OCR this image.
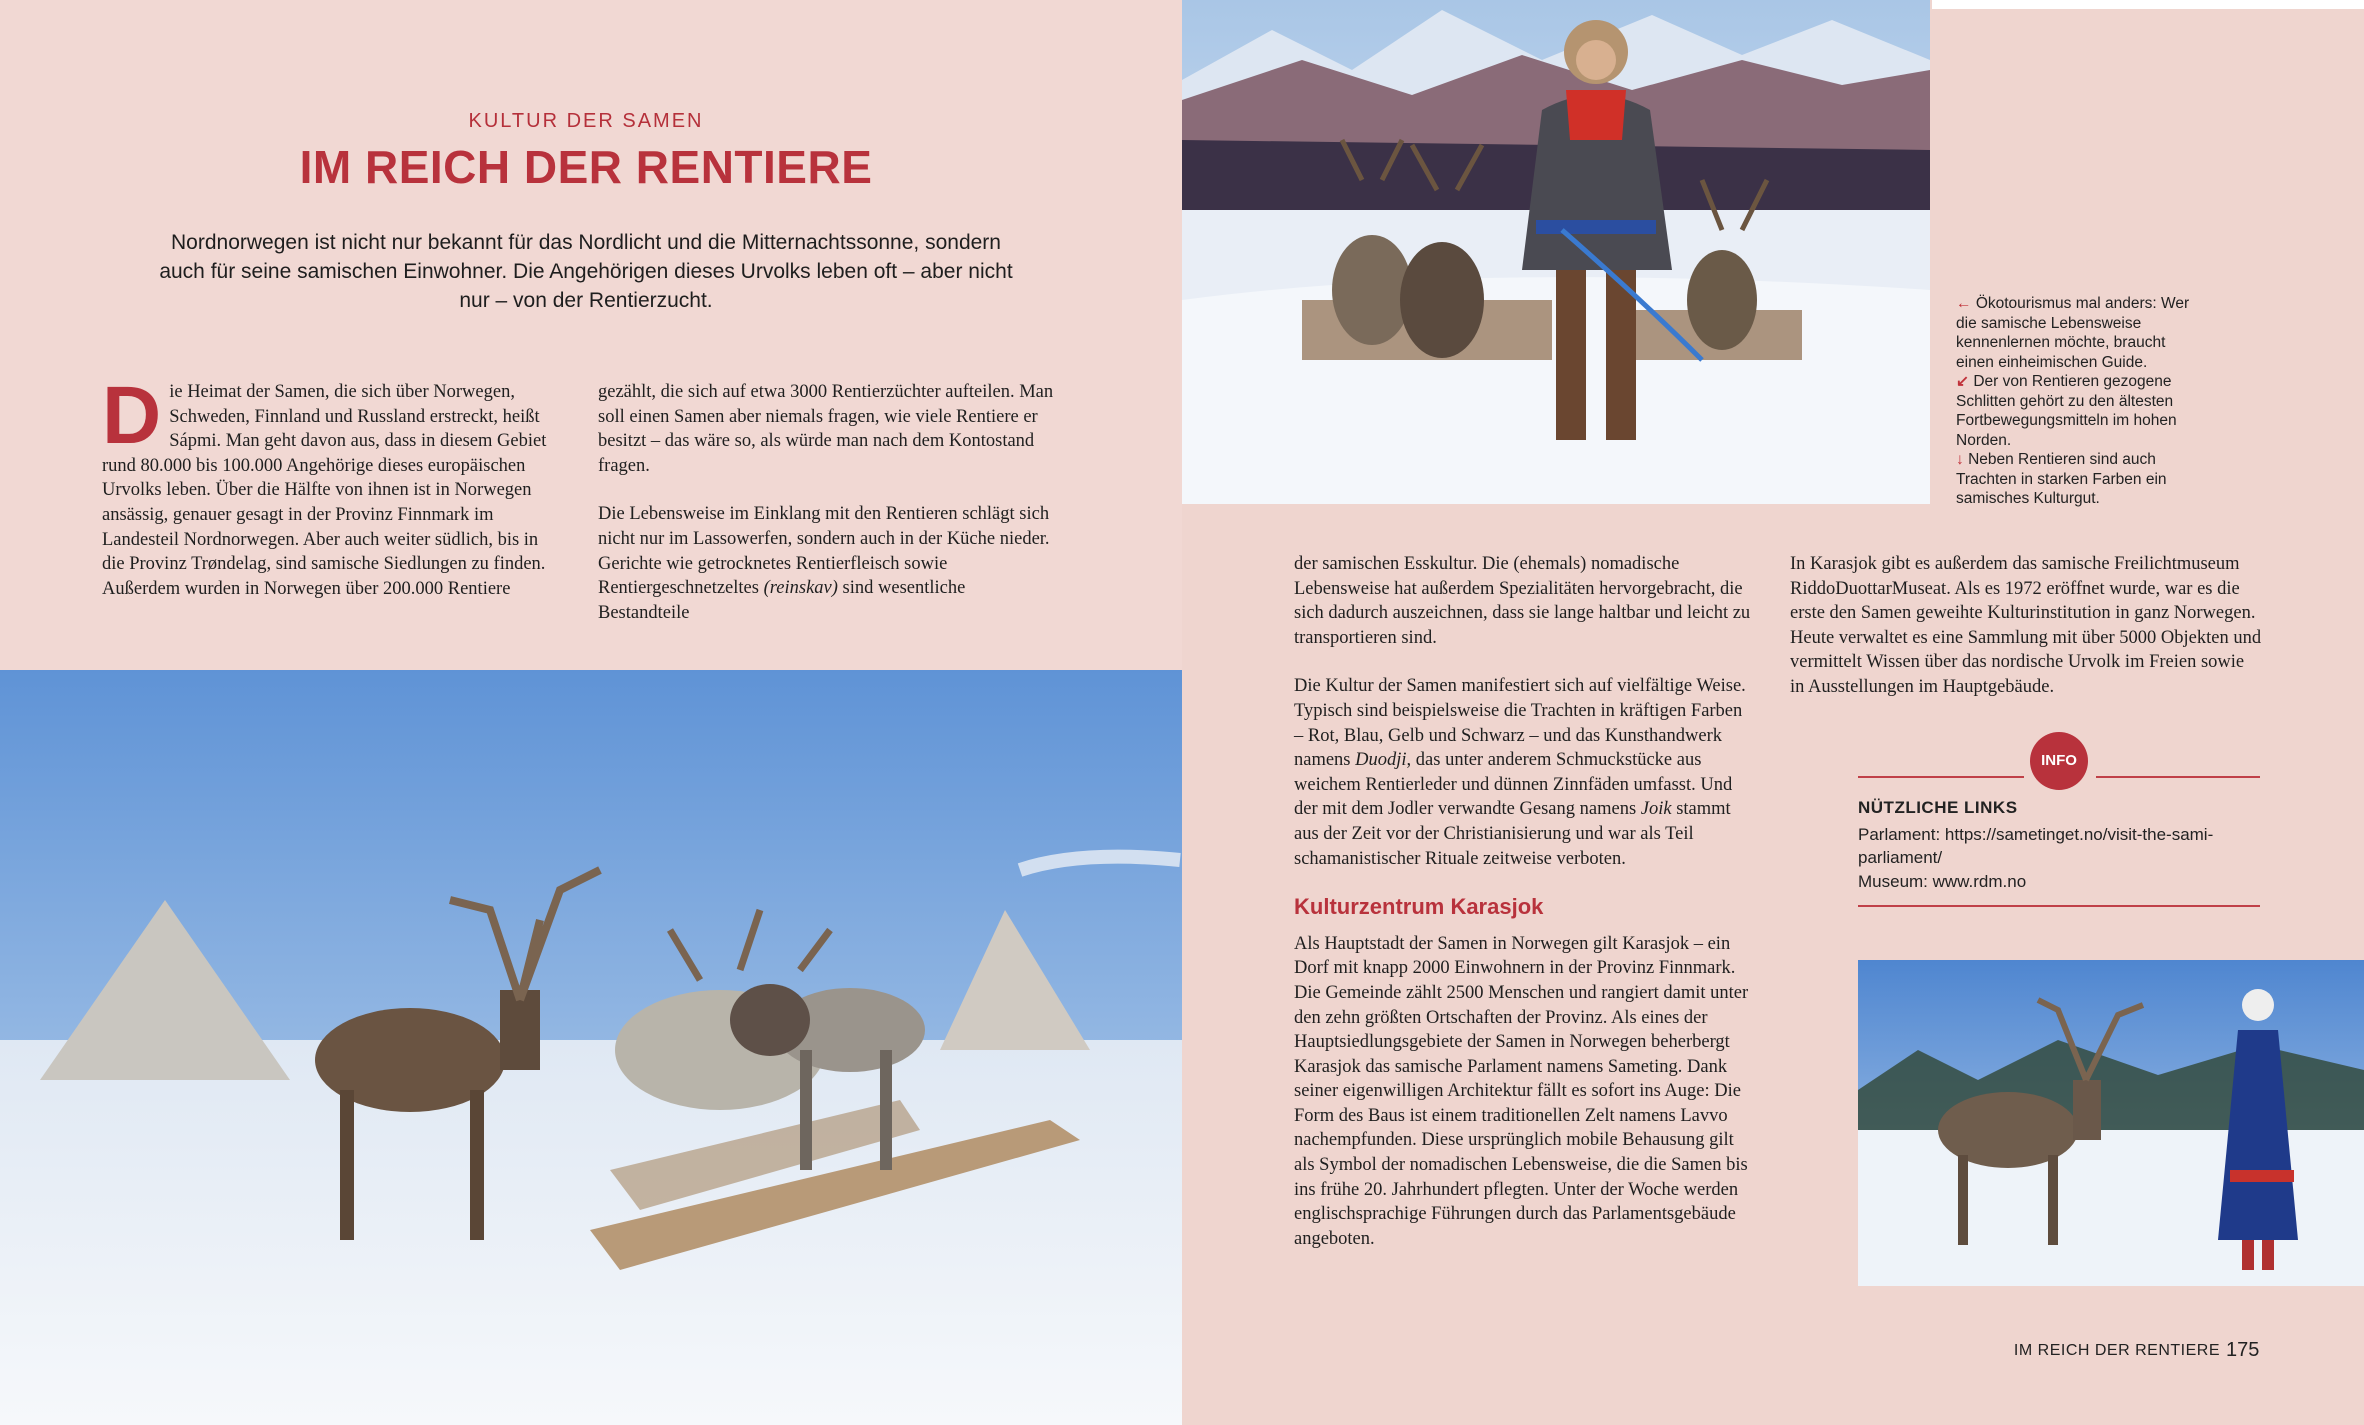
KULTUR DER SAMEN
IM REICH DER RENTIERE
Nordnorwegen ist nicht nur bekannt für das Nordlicht und die Mitternachtssonne, sondern auch für seine samischen Einwohner. Die Angehörigen dieses Urvolks leben oft – aber nicht nur – von der Rentierzucht.

Die Heimat der Samen, die sich über Norwegen, Schweden, Finnland und Russland erstreckt, heißt Sápmi. Man geht davon aus, dass in diesem Gebiet rund 80.000 bis 100.000 Angehörige dieses europäischen Urvolks leben. Über die Hälfte von ihnen ist in Norwegen ansässig, genauer gesagt in der Provinz Finnmark im Landesteil Nordnorwegen. Aber auch weiter südlich, bis in die Provinz Trøndelag, sind samische Siedlungen zu finden. Außerdem wurden in Norwegen über 200.000 Rentiere

gezählt, die sich auf etwa 3000 Rentierzüchter aufteilen. Man soll einen Samen aber niemals fragen, wie viele Rentiere er besitzt – das wäre so, als würde man nach dem Kontostand fragen.

Die Lebensweise im Einklang mit den Rentieren schlägt sich nicht nur im Lassowerfen, sondern auch in der Küche nieder. Gerichte wie getrocknetes Rentierfleisch sowie Rentiergeschnetzeltes (reinskav) sind wesentliche Bestandteile

← Ökotourismus mal anders: Wer die samische Lebensweise kennenlernen möchte, braucht einen einheimischen Guide.

↙ Der von Rentieren gezogene Schlitten gehört zu den ältesten Fortbewegungsmitteln im hohen Norden.

↓ Neben Rentieren sind auch Trachten in starken Farben ein samisches Kulturgut.

der samischen Esskultur. Die (ehemals) nomadische Lebensweise hat außerdem Spezialitäten hervorgebracht, die sich dadurch auszeichnen, dass sie lange haltbar und leicht zu transportieren sind.

Die Kultur der Samen manifestiert sich auf vielfältige Weise. Typisch sind beispielsweise die Trachten in kräftigen Farben – Rot, Blau, Gelb und Schwarz – und das Kunsthandwerk namens Duodji, das unter anderem Schmuckstücke aus weichem Rentierleder und dünnen Zinnfäden umfasst. Und der mit dem Jodler verwandte Gesang namens Joik stammt aus der Zeit vor der Christianisierung und war als Teil schamanistischer Rituale zeitweise verboten.

Kulturzentrum Karasjok

Als Hauptstadt der Samen in Norwegen gilt Karasjok – ein Dorf mit knapp 2000 Einwohnern in der Provinz Finnmark. Die Gemeinde zählt 2500 Menschen und rangiert damit unter den zehn größten Ortschaften der Provinz. Als eines der Hauptsiedlungsgebiete der Samen in Norwegen beherbergt Karasjok das samische Parlament namens Sameting. Dank seiner eigenwilligen Architektur fällt es sofort ins Auge: Die Form des Baus ist einem traditionellen Zelt namens Lavvo nachempfunden. Diese ursprünglich mobile Behausung gilt als Symbol der nomadischen Lebensweise, die die Samen bis ins frühe 20. Jahrhundert pflegten. Unter der Woche werden englischsprachige Führungen durch das Parlamentsgebäude angeboten.

In Karasjok gibt es außerdem das samische Freilichtmuseum RiddoDuottarMuseat. Als es 1972 eröffnet wurde, war es die erste den Samen geweihte Kulturinstitution in ganz Norwegen. Heute verwaltet es eine Sammlung mit über 5000 Objekten und vermittelt Wissen über das nordische Urvolk im Freien sowie in Ausstellungen im Hauptgebäude.

INFO
NÜTZLICHE LINKS
Parlament: https://sametinget.no/visit-the-sami-parliament/
Museum: www.rdm.no
IM REICH DER RENTIERE 175
